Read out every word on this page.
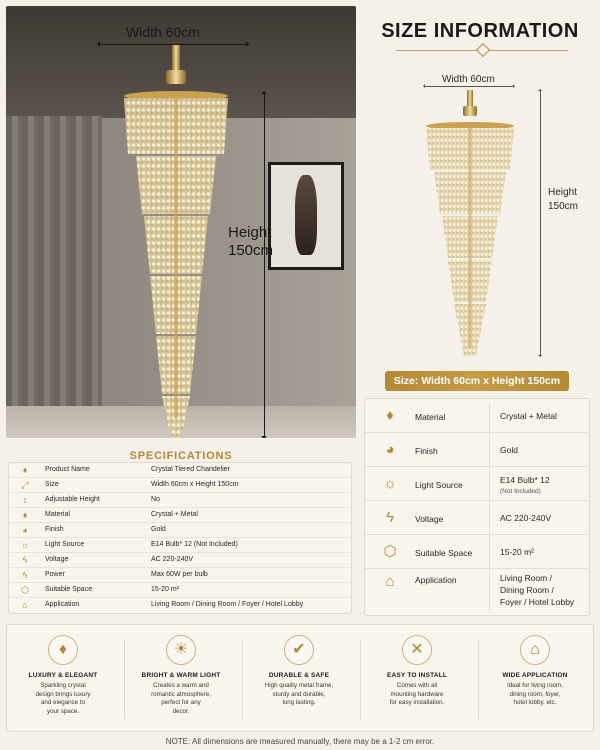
Width 60cm
Height
150cm
SIZE INFORMATION
Width 60cm
Height
150cm
Size: Width 60cm x Height 150cm
♦	Material	Crystal + Metal
◕	Finish	Gold
☼ Light Source	E14 Bulb* 12
(Not Included)
ϟ	Voltage	AC 220-240V
⬡ Suitable Space	15-20 m²
⌂	Application	Living Room /
Dining Room /
Foyer / Hotel Lobby
SPECIFICATIONS
♦	Product Name	Crystal Tiered Chandelier
⤢	Size	Width 60cm x Height 150cm
↕	Adjustable Height	No
♦	Material	Crystal + Metal
◕	Finish	Gold
☼ Light Source	E14 Bulb* 12 (Not Included)
ϟ	Voltage	AC 220-240V
ϟ	Power	Max 60W per bulb
⬡ Suitable Space	15-20 m²
⌂	Application	Living Room / Dining Room / Foyer / Hotel Lobby
♦
LUXURY & ELEGANT
Sparkling crystal
design brings luxury
and elegance to
your space.
☀
BRIGHT & WARM LIGHT
Creates a warm and
romantic atmosphere,
perfect for any
decor.
✔
DURABLE & SAFE
High quality metal frame,
sturdy and durable,
long lasting.
✕
EASY TO INSTALL
Comes with all
mounting hardware
for easy installation.
⌂
WIDE APPLICATION
Ideal for living room,
dining room, foyer,
hotel lobby, etc.
NOTE: All dimensions are measured manually, there may be a 1-2 cm error.
